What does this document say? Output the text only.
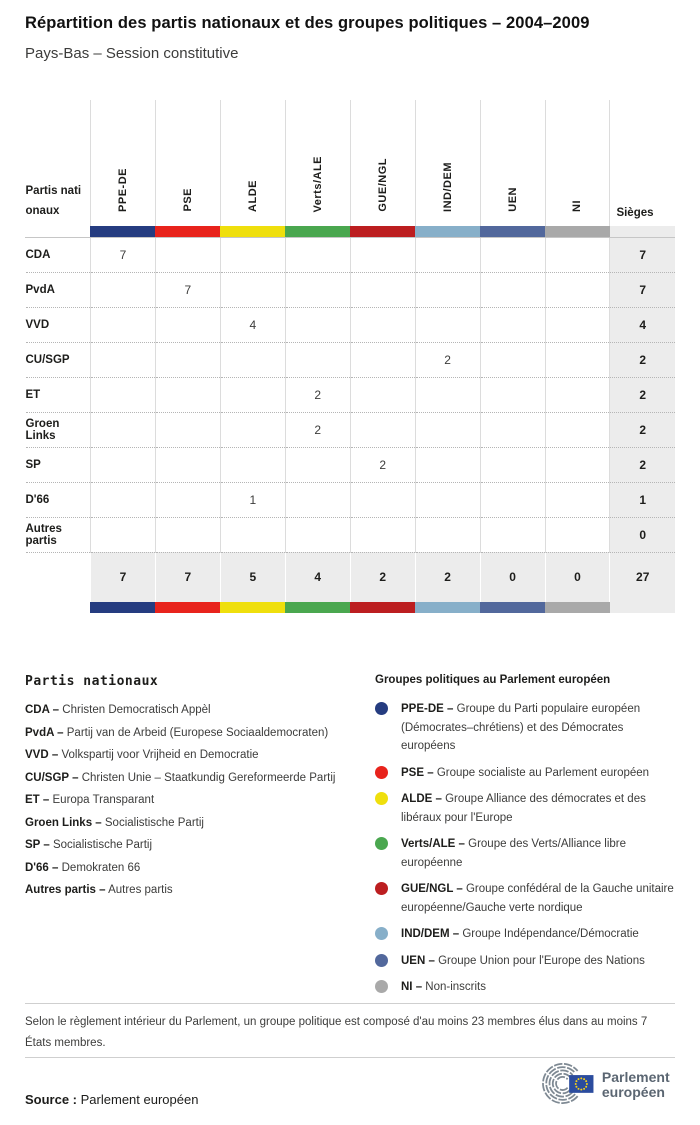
Répartition des partis nationaux et des groupes politiques – 2004–2009
Pays-Bas – Session constitutive
Partis nationaux	PPE-DE	PSE	ALDE	Verts/ALE	GUE/NGL	IND/DEM	UEN	NI	Sièges

CDA	7								7
PvdA		7							7
VVD			4						4
CU/SGP						2			2
ET				2					2
Groen Links				2					2
SP					2				2
D'66			1						1
Autres partis									0
	7	7	5	4	2	2	0	0	27

Partis nationaux
CDA – Christen Democratisch Appèl
PvdA – Partij van de Arbeid (Europese Sociaaldemocraten)
VVD – Volkspartij voor Vrijheid en Democratie
CU/SGP – Christen Unie – Staatkundig Gereformeerde Partij
ET – Europa Transparant
Groen Links – Socialistische Partij
SP – Socialistische Partij
D'66 – Demokraten 66
Autres partis – Autres partis
Groupes politiques au Parlement européen
PPE-DE – Groupe du Parti populaire européen (Démocrates–chrétiens) et des Démocrates européens
PSE – Groupe socialiste au Parlement européen
ALDE – Groupe Alliance des démocrates et des libéraux pour l'Europe
Verts/ALE – Groupe des Verts/Alliance libre européenne
GUE/NGL – Groupe confédéral de la Gauche unitaire européenne/Gauche verte nordique
IND/DEM – Groupe Indépendance/Démocratie
UEN – Groupe Union pour l'Europe des Nations
NI – Non-inscrits
Selon le règlement intérieur du Parlement, un groupe politique est composé d'au moins 23 membres élus dans au moins 7 États membres.
Source : Parlement européen
Parlement
européen
